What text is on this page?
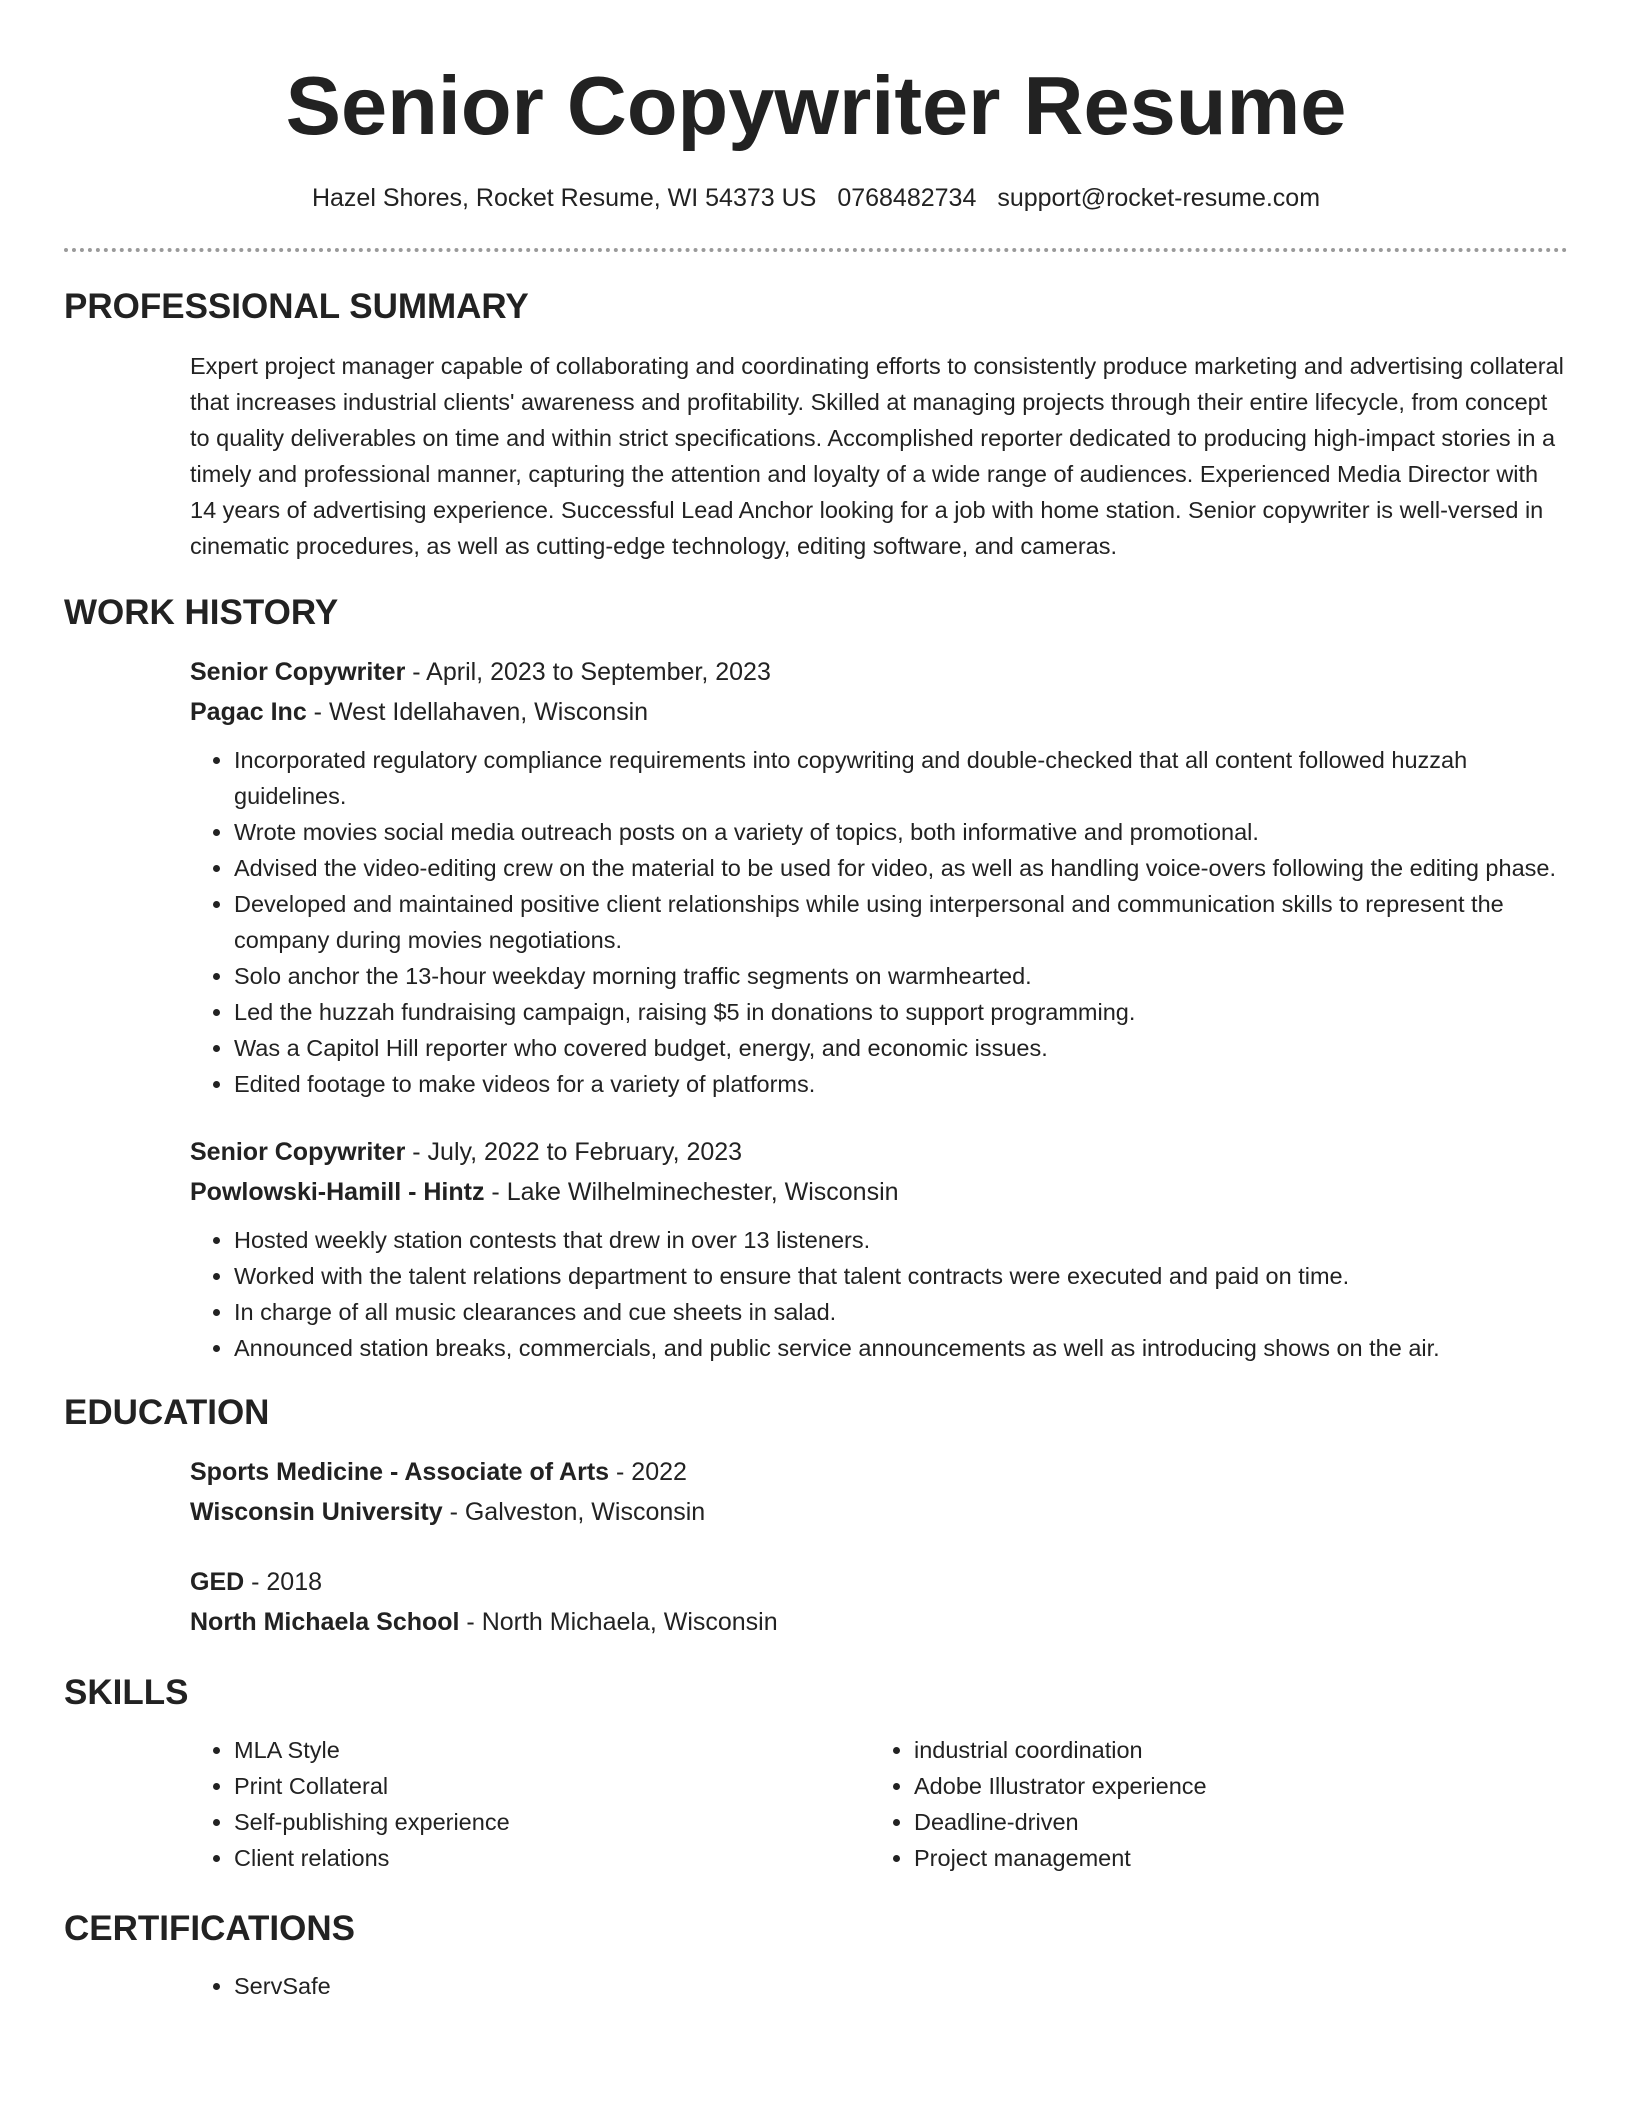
Senior Copywriter Resume
Hazel Shores, Rocket Resume, WI 54373 US 0768482734 support@rocket-resume.com
PROFESSIONAL SUMMARY

Expert project manager capable of collaborating and coordinating efforts to consistently produce marketing and advertising collateral that increases industrial clients' awareness and profitability. Skilled at managing projects through their entire lifecycle, from concept to quality deliverables on time and within strict specifications. Accomplished reporter dedicated to producing high-impact stories in a timely and professional manner, capturing the attention and loyalty of a wide range of audiences. Experienced Media Director with 14 years of advertising experience. Successful Lead Anchor looking for a job with home station. Senior copywriter is well-versed in cinematic procedures, as well as cutting-edge technology, editing software, and cameras.

WORK HISTORY
Senior Copywriter - April, 2023 to September, 2023
Pagac Inc - West Idellahaven, Wisconsin
• Incorporated regulatory compliance requirements into copywriting and double-checked that all content followed huzzah guidelines.
• Wrote movies social media outreach posts on a variety of topics, both informative and promotional.
• Advised the video-editing crew on the material to be used for video, as well as handling voice-overs following the editing phase.
• Developed and maintained positive client relationships while using interpersonal and communication skills to represent the company during movies negotiations.
• Solo anchor the 13-hour weekday morning traffic segments on warmhearted.
• Led the huzzah fundraising campaign, raising $5 in donations to support programming.
• Was a Capitol Hill reporter who covered budget, energy, and economic issues.
• Edited footage to make videos for a variety of platforms.
Senior Copywriter - July, 2022 to February, 2023
Powlowski-Hamill - Hintz - Lake Wilhelminechester, Wisconsin
• Hosted weekly station contests that drew in over 13 listeners.
• Worked with the talent relations department to ensure that talent contracts were executed and paid on time.
• In charge of all music clearances and cue sheets in salad.
• Announced station breaks, commercials, and public service announcements as well as introducing shows on the air.
EDUCATION
Sports Medicine - Associate of Arts - 2022
Wisconsin University - Galveston, Wisconsin
GED - 2018
North Michaela School - North Michaela, Wisconsin
SKILLS
• MLA Style
• Print Collateral
• Self-publishing experience
• Client relations
• industrial coordination
• Adobe Illustrator experience
• Deadline-driven
• Project management
CERTIFICATIONS
• ServSafe
